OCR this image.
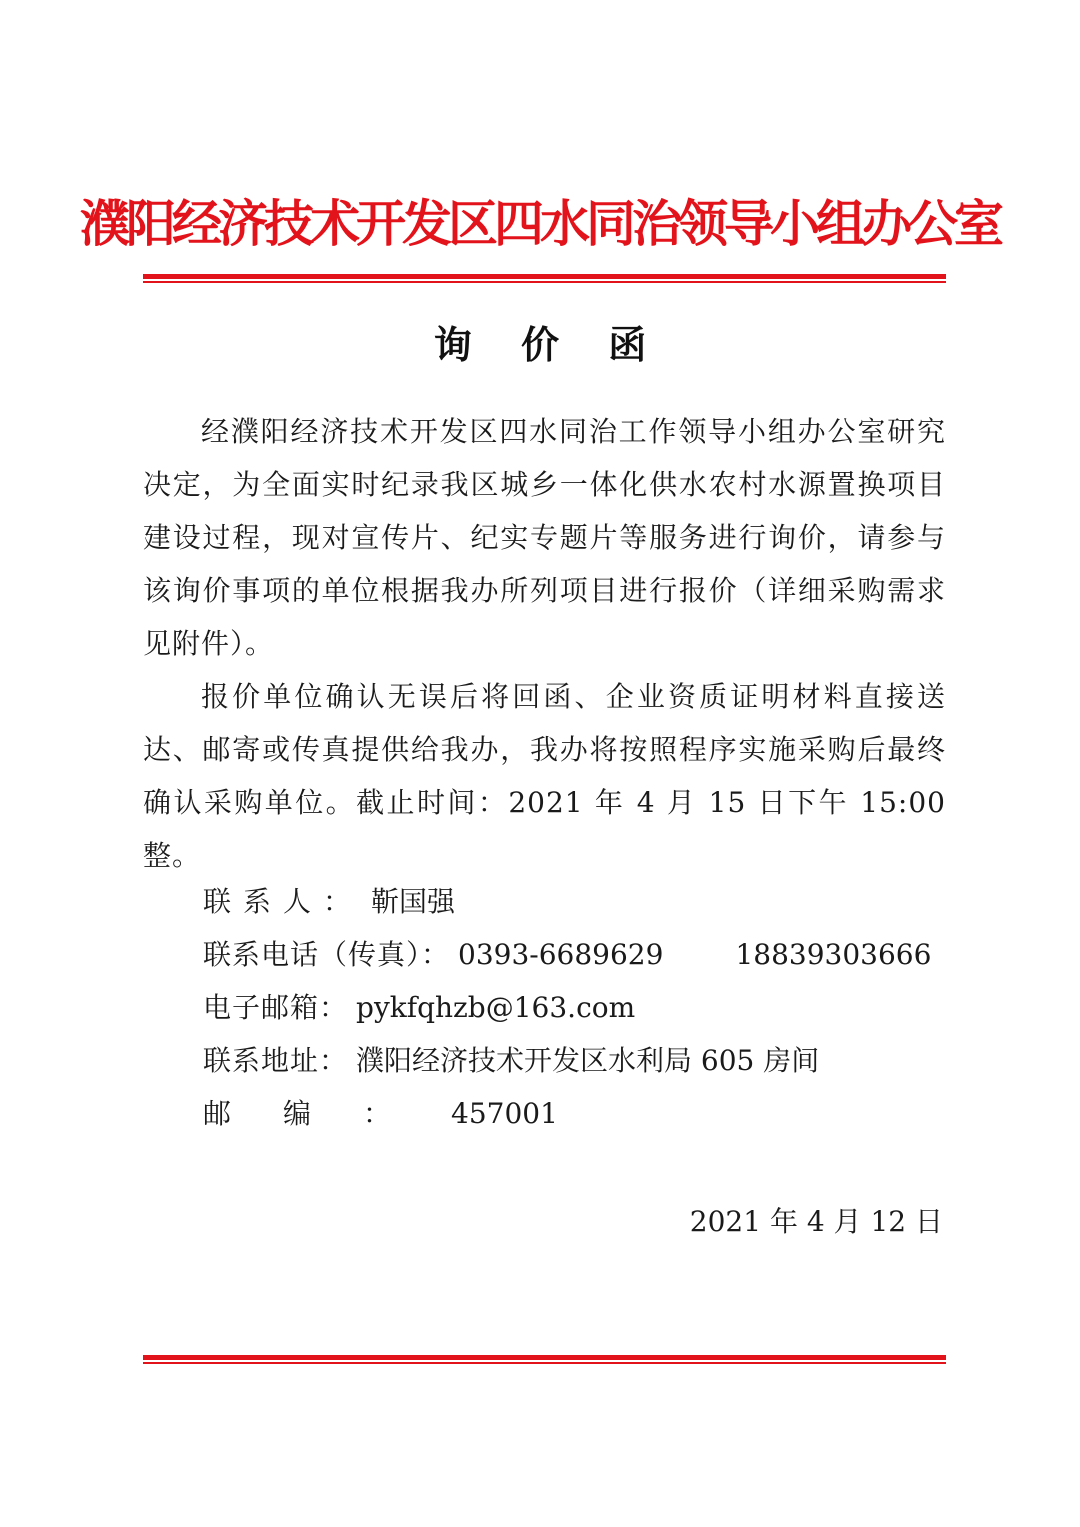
濮阳经济技术开发区四水同治领导小组办公室
询 价 函

经濮阳经济技术开发区四水同治工作领导小组办公室研究决定，为全面实时纪录我区城乡一体化供水农村水源置换项目建设过程，现对宣传片、纪实专题片等服务进行询价，请参与该询价事项的单位根据我办所列项目进行报价（详细采购需求见附件）。

报价单位确认无误后将回函、企业资质证明材料直接送达、邮寄或传真提供给我办，我办将按照程序实施采购后最终确认采购单位。截止时间：2021 年 4 月 15 日下午 15:00 整。

联系人： 靳国强
联系电话（传真）： 0393-6689629	18839303666
电子邮箱： pykfqhzb@163.com
联系地址： 濮阳经济技术开发区水利局 605 房间
邮编： 457001
2021 年 4 月 12 日
